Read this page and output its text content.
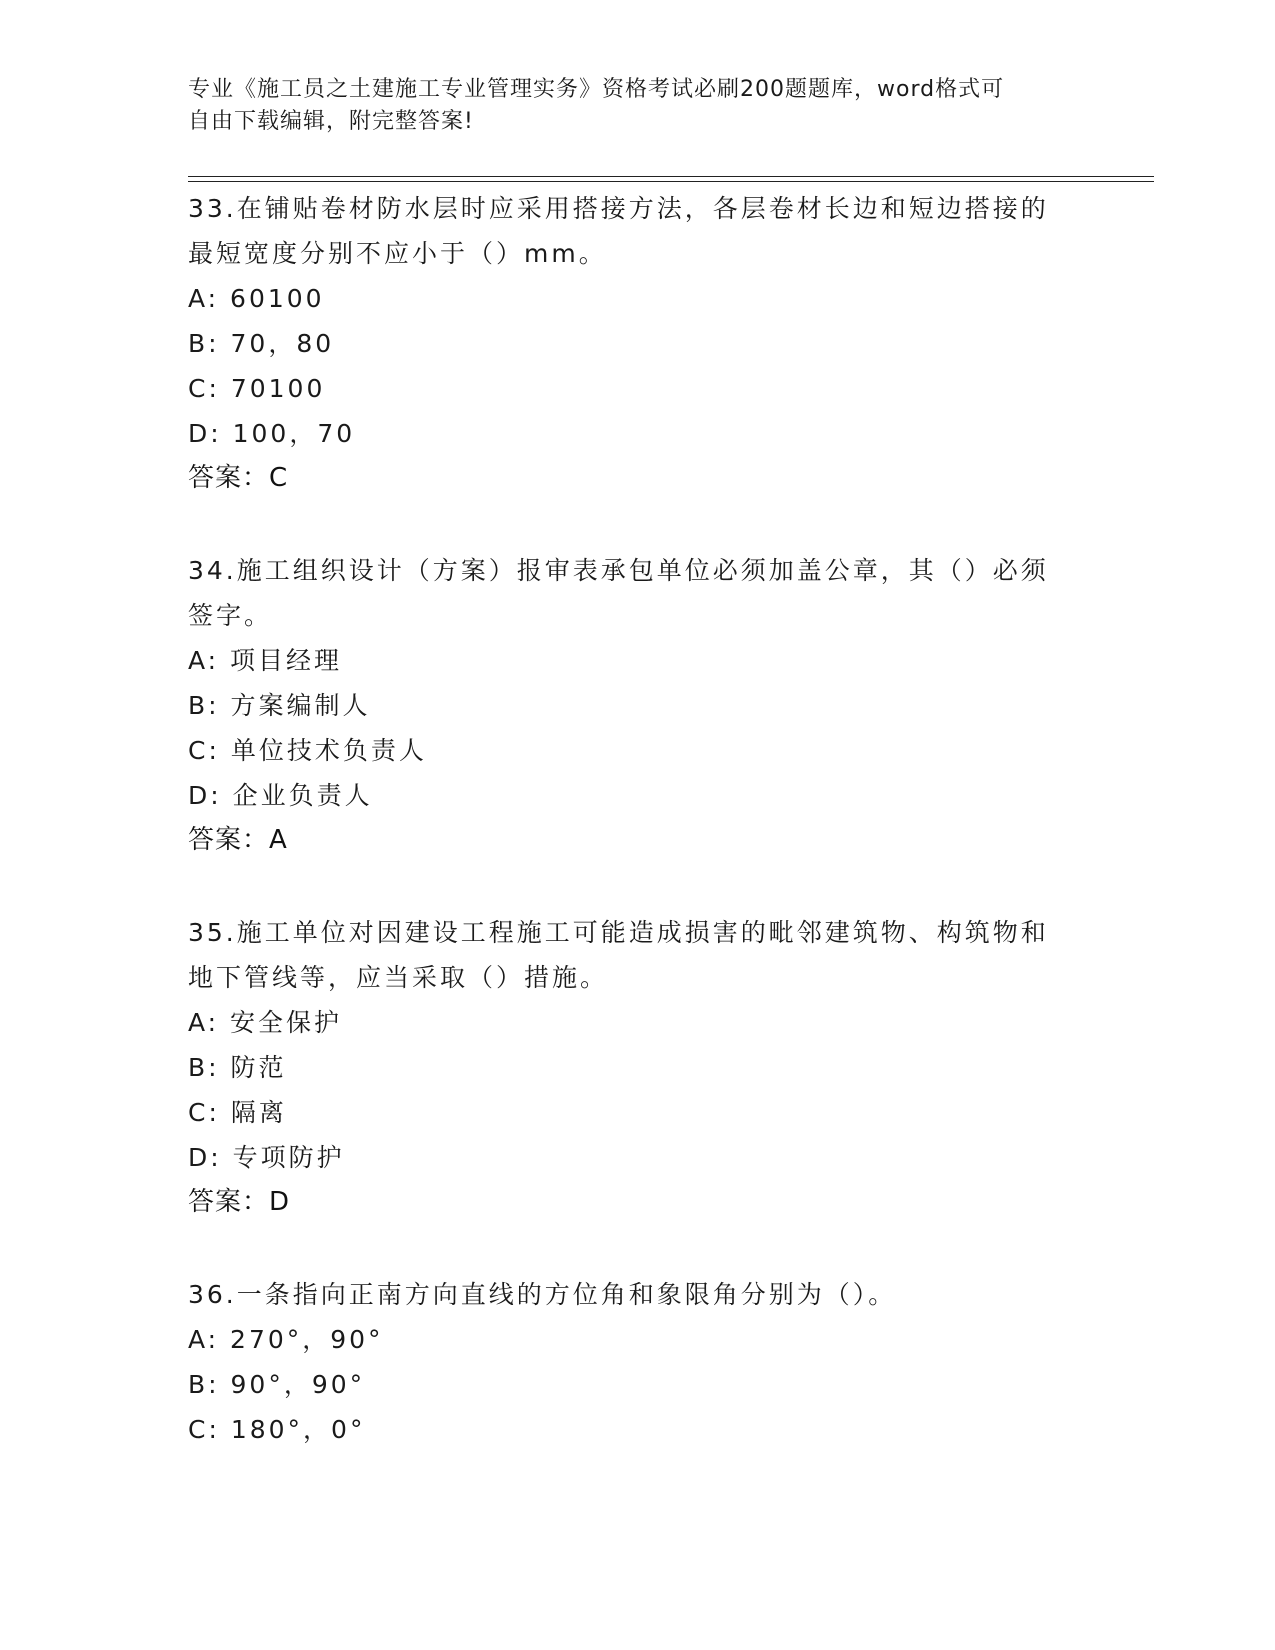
专业《施工员之土建施工专业管理实务》资格考试必刷200题题库，word格式可
自由下载编辑，附完整答案!

33.在铺贴卷材防水层时应采用搭接方法，各层卷材长边和短边搭接的

最短宽度分别不应小于（）mm。

A: 60100
B: 70，80
C: 70100
D: 100，70

答案：C

34.施工组织设计（方案）报审表承包单位必须加盖公章，其（）必须

签字。

A: 项目经理
B: 方案编制人
C: 单位技术负责人
D: 企业负责人

答案：A

35.施工单位对因建设工程施工可能造成损害的毗邻建筑物、构筑物和

地下管线等，应当采取（）措施。

A: 安全保护
B: 防范
C: 隔离
D: 专项防护

答案：D

36.一条指向正南方向直线的方位角和象限角分别为（）。

A: 270°，90°
B: 90°，90°
C: 180°，0°
